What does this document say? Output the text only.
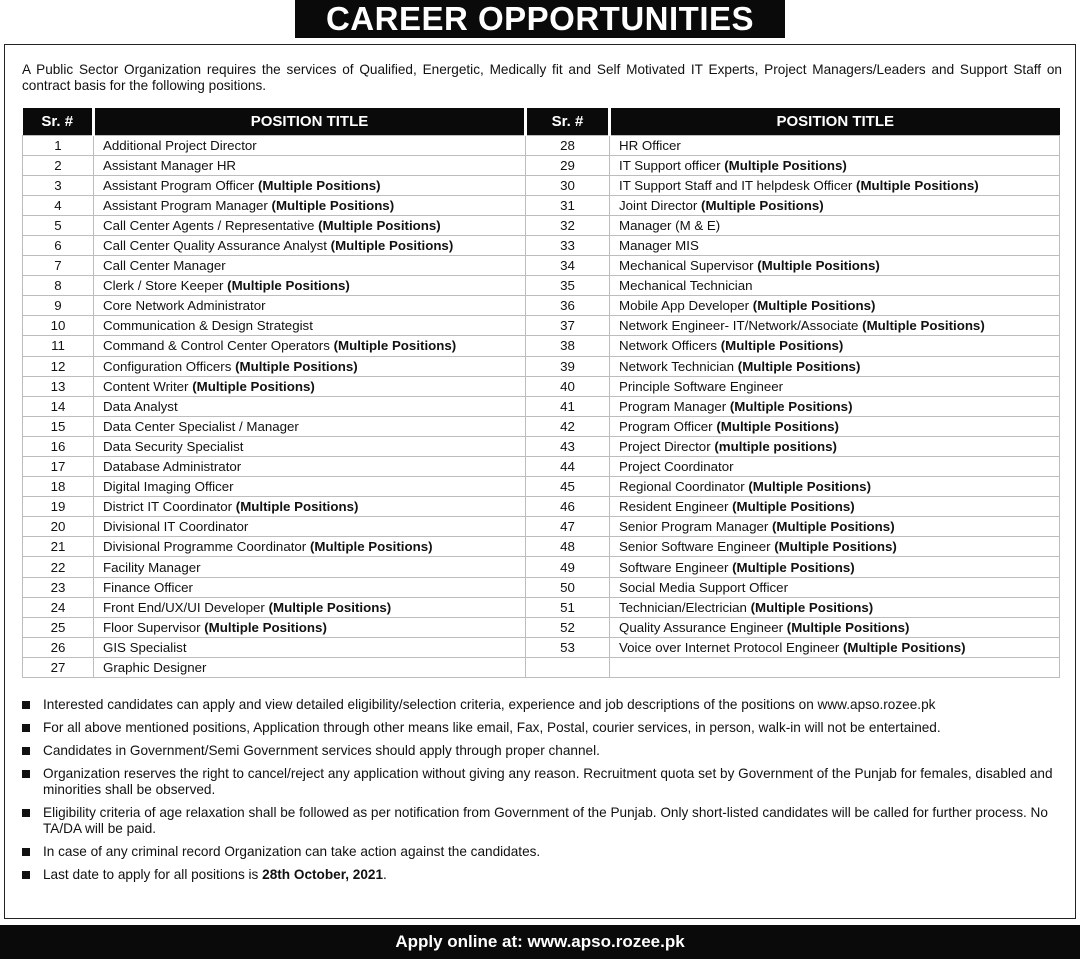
CAREER OPPORTUNITIES

A Public Sector Organization requires the services of Qualified, Energetic, Medically fit and Self Motivated IT Experts, Project Managers/Leaders and Support Staff on contract basis for the following positions.

Sr. #	POSITION TITLE	Sr. #	POSITION TITLE
1	Additional Project Director	28	HR Officer
2	Assistant Manager HR	29	IT Support officer (Multiple Positions)
3	Assistant Program Officer (Multiple Positions)	30	IT Support Staff and IT helpdesk Officer (Multiple Positions)
4	Assistant Program Manager (Multiple Positions)	31	Joint Director (Multiple Positions)
5	Call Center Agents / Representative (Multiple Positions)	32	Manager (M & E)
6	Call Center Quality Assurance Analyst (Multiple Positions)	33	Manager MIS
7	Call Center Manager	34	Mechanical Supervisor (Multiple Positions)
8	Clerk / Store Keeper (Multiple Positions)	35	Mechanical Technician
9	Core Network Administrator	36	Mobile App Developer (Multiple Positions)
10	Communication & Design Strategist	37	Network Engineer- IT/Network/Associate (Multiple Positions)
11	Command & Control Center Operators (Multiple Positions)	38	Network Officers (Multiple Positions)
12	Configuration Officers (Multiple Positions)	39	Network Technician (Multiple Positions)
13	Content Writer (Multiple Positions)	40	Principle Software Engineer
14	Data Analyst	41	Program Manager (Multiple Positions)
15	Data Center Specialist / Manager	42	Program Officer (Multiple Positions)
16	Data Security Specialist	43	Project Director (multiple positions)
17	Database Administrator	44	Project Coordinator
18	Digital Imaging Officer	45	Regional Coordinator (Multiple Positions)
19	District IT Coordinator (Multiple Positions)	46	Resident Engineer (Multiple Positions)
20	Divisional IT Coordinator	47	Senior Program Manager (Multiple Positions)
21	Divisional Programme Coordinator (Multiple Positions)	48	Senior Software Engineer (Multiple Positions)
22	Facility Manager	49	Software Engineer (Multiple Positions)
23	Finance Officer	50	Social Media Support Officer
24	Front End/UX/UI Developer (Multiple Positions)	51	Technician/Electrician (Multiple Positions)
25	Floor Supervisor (Multiple Positions)	52	Quality Assurance Engineer (Multiple Positions)
26	GIS Specialist	53	Voice over Internet Protocol Engineer (Multiple Positions)
27	Graphic Designer		
Interested candidates can apply and view detailed eligibility/selection criteria, experience and job descriptions of the positions on www.apso.rozee.pk
For all above mentioned positions, Application through other means like email, Fax, Postal, courier services, in person, walk-in will not be entertained.
Candidates in Government/Semi Government services should apply through proper channel.
Organization reserves the right to cancel/reject any application without giving any reason. Recruitment quota set by Government of the Punjab for females, disabled and minorities shall be observed.
Eligibility criteria of age relaxation shall be followed as per notification from Government of the Punjab. Only short-listed candidates will be called for further process. No TA/DA will be paid.
In case of any criminal record Organization can take action against the candidates.
Last date to apply for all positions is 28th October, 2021.
Apply online at: www.apso.rozee.pk
